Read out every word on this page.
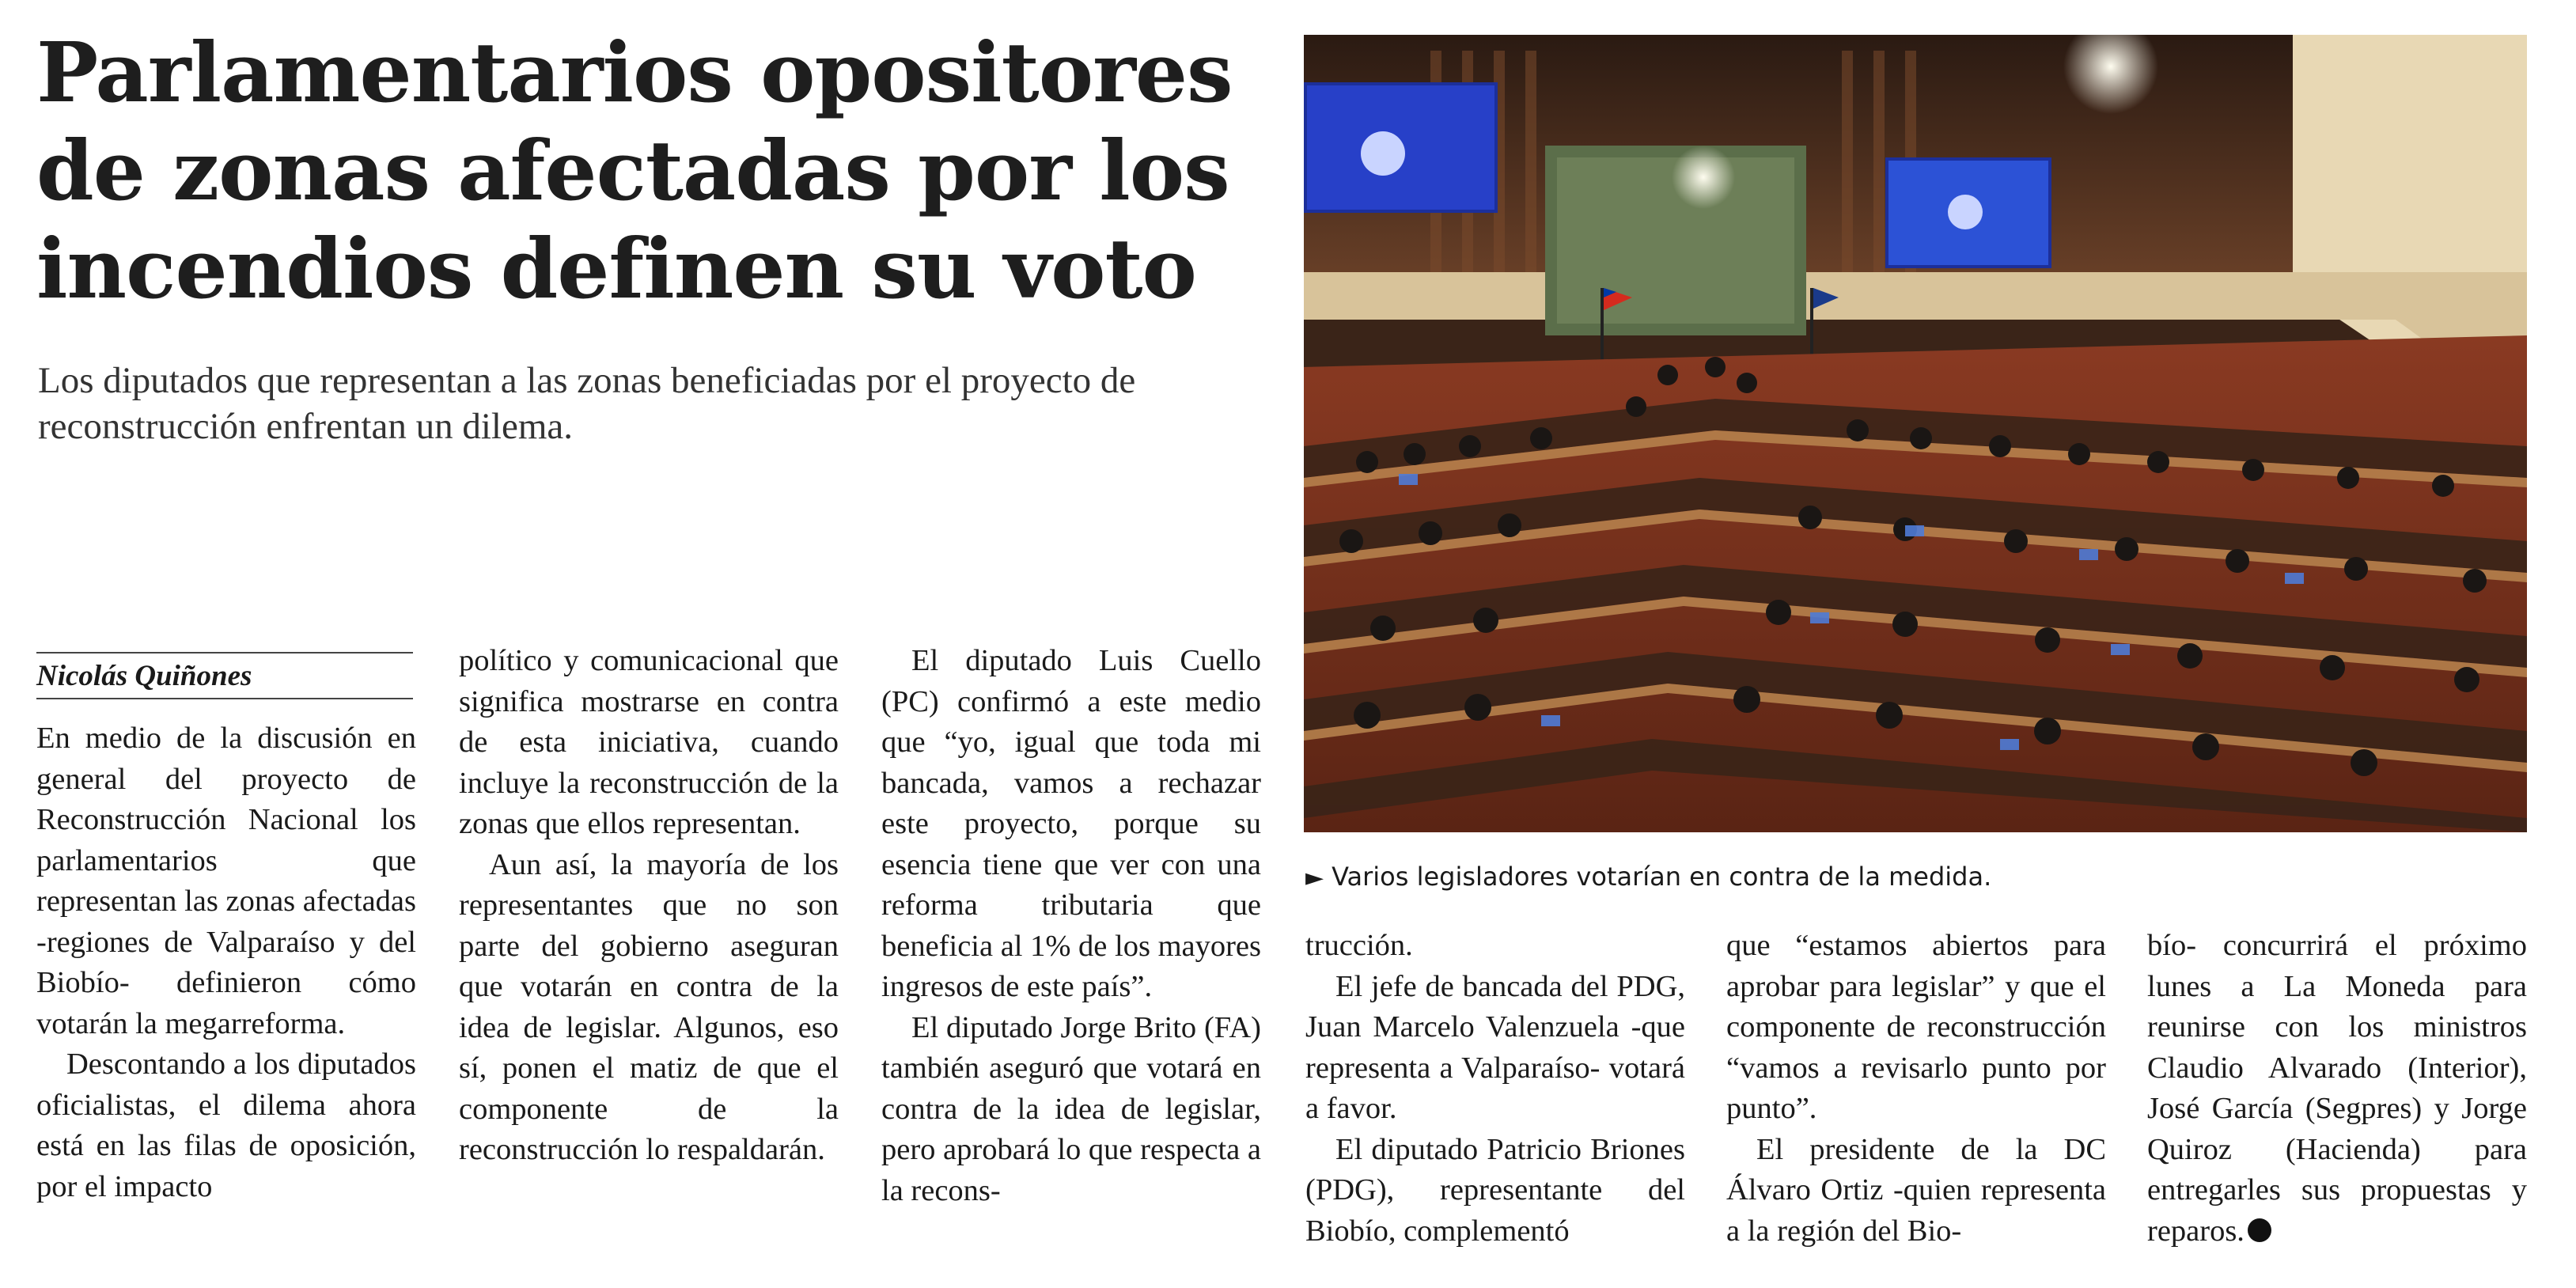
Parlamentarios opositores de zonas afectadas por los incendios definen su voto

Los diputados que representan a las zonas beneficiadas por el proyecto de reconstrucción enfrentan un dilema.

► Varios legisladores votarían en contra de la medida.
Nicolás Quiñones

En medio de la discusión en general del proyecto de Reconstrucción Nacional los parlamentarios que representan las zonas afectadas -regiones de Valparaíso y del Biobío- definieron cómo votarán la megarreforma.

Descontando a los diputados oficialistas, el dilema ahora está en las filas de oposición, por el impacto

político y comunicacional que significa mostrarse en contra de esta iniciativa, cuando incluye la reconstrucción de la zonas que ellos representan.

Aun así, la mayoría de los representantes que no son parte del gobierno aseguran que votarán en contra de la idea de legislar. Algunos, eso sí, ponen el matiz de que el componente de la reconstrucción lo respaldarán.

El diputado Luis Cuello (PC) confirmó a este medio que “yo, igual que toda mi bancada, vamos a rechazar este proyecto, porque su esencia tiene que ver con una reforma tributaria que beneficia al 1% de los mayores ingresos de este país”.

El diputado Jorge Brito (FA) también aseguró que votará en contra de la idea de legislar, pero aprobará lo que respecta a la recons-

trucción.

El jefe de bancada del PDG, Juan Marcelo Valenzuela -que representa a Valparaíso- votará a favor.

El diputado Patricio Briones (PDG), representante del Biobío, complementó

que “estamos abiertos para aprobar para legislar” y que el componente de reconstrucción “vamos a revisarlo punto por punto”.

El presidente de la DC Álvaro Ortiz -quien representa a la región del Bio-

bío- concurrirá el próximo lunes a La Moneda para reunirse con los ministros Claudio Alvarado (Interior), José García (Segpres) y Jorge Quiroz (Hacienda) para entregarles sus propuestas y reparos.
